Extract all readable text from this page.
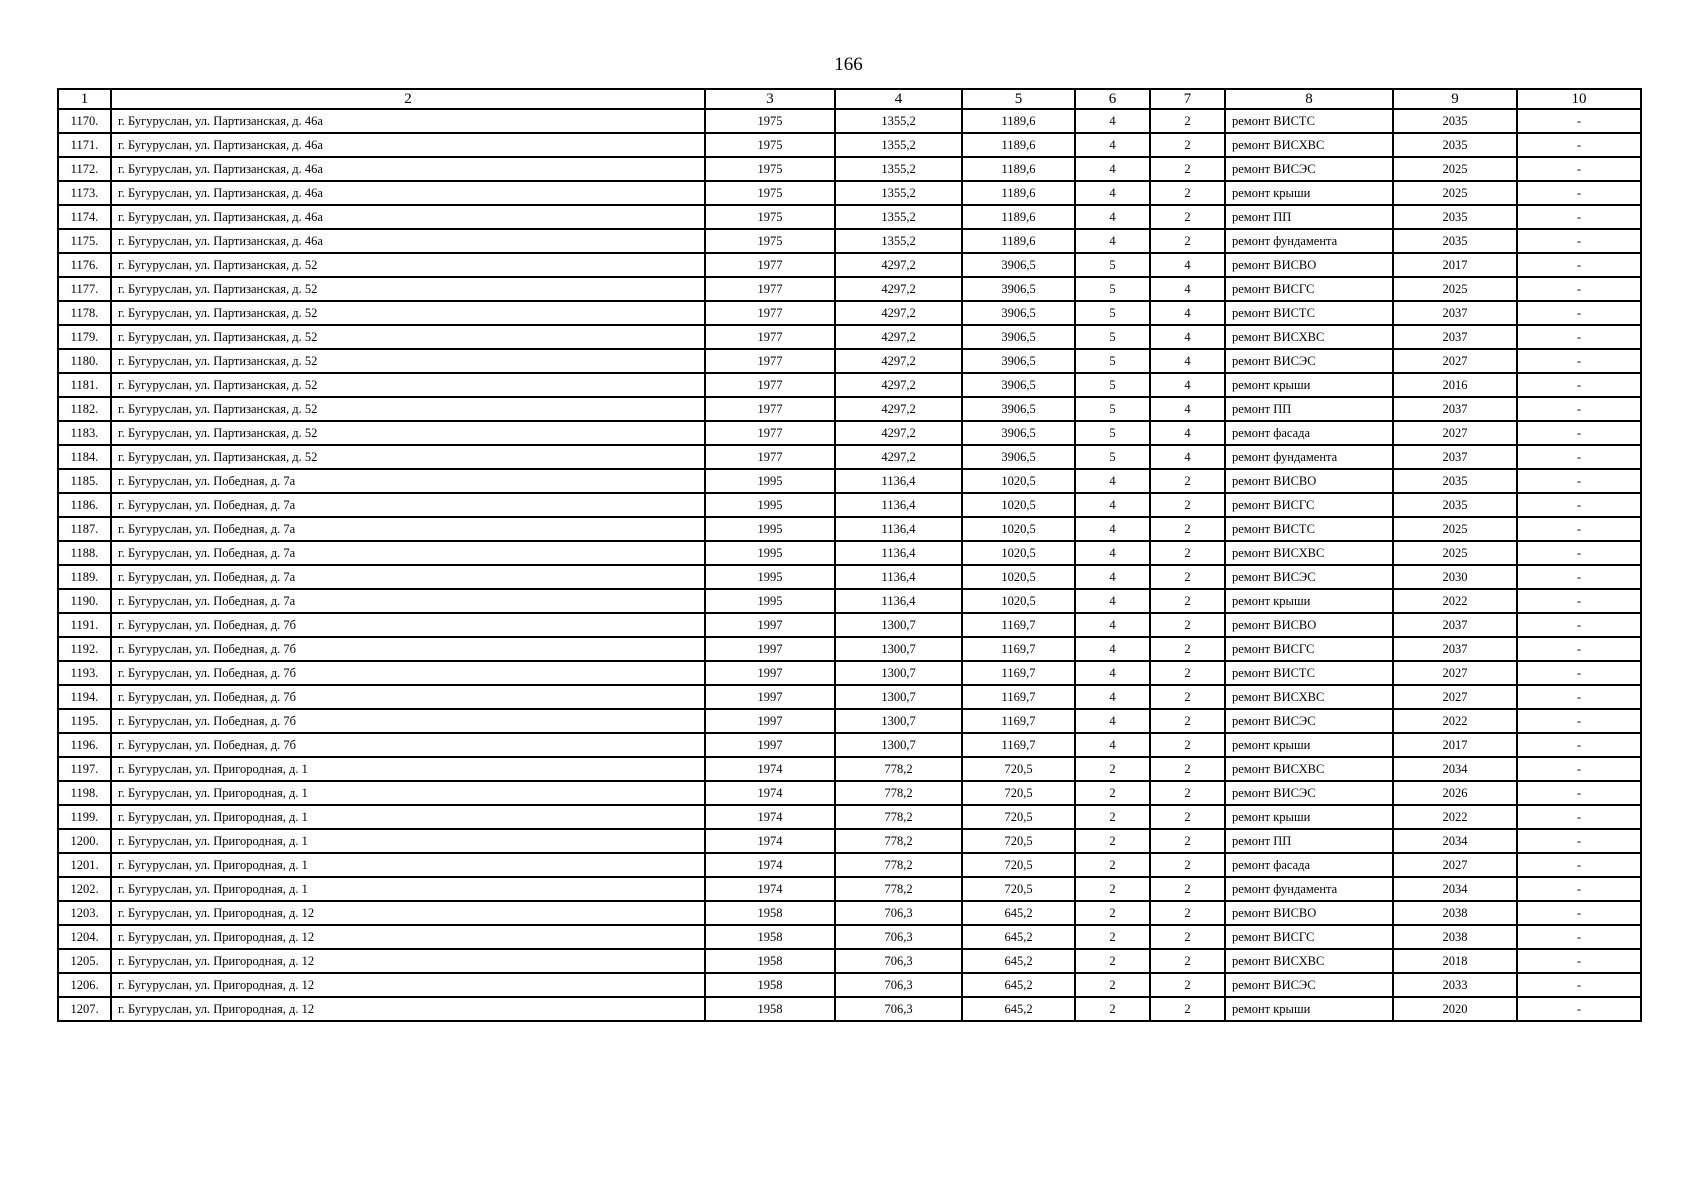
166
1	2	3	4	5	6	7	8	9	10
1170.	г. Бугуруслан, ул. Партизанская, д. 46а	1975	1355,2	1189,6	4	2	ремонт ВИСТС	2035	-
1171.	г. Бугуруслан, ул. Партизанская, д. 46а	1975	1355,2	1189,6	4	2	ремонт ВИСХВС	2035	-
1172.	г. Бугуруслан, ул. Партизанская, д. 46а	1975	1355,2	1189,6	4	2	ремонт ВИСЭС	2025	-
1173.	г. Бугуруслан, ул. Партизанская, д. 46а	1975	1355,2	1189,6	4	2	ремонт крыши	2025	-
1174.	г. Бугуруслан, ул. Партизанская, д. 46а	1975	1355,2	1189,6	4	2	ремонт ПП	2035	-
1175.	г. Бугуруслан, ул. Партизанская, д. 46а	1975	1355,2	1189,6	4	2	ремонт фундамента	2035	-
1176.	г. Бугуруслан, ул. Партизанская, д. 52	1977	4297,2	3906,5	5	4	ремонт ВИСВО	2017	-
1177.	г. Бугуруслан, ул. Партизанская, д. 52	1977	4297,2	3906,5	5	4	ремонт ВИСГС	2025	-
1178.	г. Бугуруслан, ул. Партизанская, д. 52	1977	4297,2	3906,5	5	4	ремонт ВИСТС	2037	-
1179.	г. Бугуруслан, ул. Партизанская, д. 52	1977	4297,2	3906,5	5	4	ремонт ВИСХВС	2037	-
1180.	г. Бугуруслан, ул. Партизанская, д. 52	1977	4297,2	3906,5	5	4	ремонт ВИСЭС	2027	-
1181.	г. Бугуруслан, ул. Партизанская, д. 52	1977	4297,2	3906,5	5	4	ремонт крыши	2016	-
1182.	г. Бугуруслан, ул. Партизанская, д. 52	1977	4297,2	3906,5	5	4	ремонт ПП	2037	-
1183.	г. Бугуруслан, ул. Партизанская, д. 52	1977	4297,2	3906,5	5	4	ремонт фасада	2027	-
1184.	г. Бугуруслан, ул. Партизанская, д. 52	1977	4297,2	3906,5	5	4	ремонт фундамента	2037	-
1185.	г. Бугуруслан, ул. Победная, д. 7а	1995	1136,4	1020,5	4	2	ремонт ВИСВО	2035	-
1186.	г. Бугуруслан, ул. Победная, д. 7а	1995	1136,4	1020,5	4	2	ремонт ВИСГС	2035	-
1187.	г. Бугуруслан, ул. Победная, д. 7а	1995	1136,4	1020,5	4	2	ремонт ВИСТС	2025	-
1188.	г. Бугуруслан, ул. Победная, д. 7а	1995	1136,4	1020,5	4	2	ремонт ВИСХВС	2025	-
1189.	г. Бугуруслан, ул. Победная, д. 7а	1995	1136,4	1020,5	4	2	ремонт ВИСЭС	2030	-
1190.	г. Бугуруслан, ул. Победная, д. 7а	1995	1136,4	1020,5	4	2	ремонт крыши	2022	-
1191.	г. Бугуруслан, ул. Победная, д. 7б	1997	1300,7	1169,7	4	2	ремонт ВИСВО	2037	-
1192.	г. Бугуруслан, ул. Победная, д. 7б	1997	1300,7	1169,7	4	2	ремонт ВИСГС	2037	-
1193.	г. Бугуруслан, ул. Победная, д. 7б	1997	1300,7	1169,7	4	2	ремонт ВИСТС	2027	-
1194.	г. Бугуруслан, ул. Победная, д. 7б	1997	1300,7	1169,7	4	2	ремонт ВИСХВС	2027	-
1195.	г. Бугуруслан, ул. Победная, д. 7б	1997	1300,7	1169,7	4	2	ремонт ВИСЭС	2022	-
1196.	г. Бугуруслан, ул. Победная, д. 7б	1997	1300,7	1169,7	4	2	ремонт крыши	2017	-
1197.	г. Бугуруслан, ул. Пригородная, д. 1	1974	778,2	720,5	2	2	ремонт ВИСХВС	2034	-
1198.	г. Бугуруслан, ул. Пригородная, д. 1	1974	778,2	720,5	2	2	ремонт ВИСЭС	2026	-
1199.	г. Бугуруслан, ул. Пригородная, д. 1	1974	778,2	720,5	2	2	ремонт крыши	2022	-
1200.	г. Бугуруслан, ул. Пригородная, д. 1	1974	778,2	720,5	2	2	ремонт ПП	2034	-
1201.	г. Бугуруслан, ул. Пригородная, д. 1	1974	778,2	720,5	2	2	ремонт фасада	2027	-
1202.	г. Бугуруслан, ул. Пригородная, д. 1	1974	778,2	720,5	2	2	ремонт фундамента	2034	-
1203.	г. Бугуруслан, ул. Пригородная, д. 12	1958	706,3	645,2	2	2	ремонт ВИСВО	2038	-
1204.	г. Бугуруслан, ул. Пригородная, д. 12	1958	706,3	645,2	2	2	ремонт ВИСГС	2038	-
1205.	г. Бугуруслан, ул. Пригородная, д. 12	1958	706,3	645,2	2	2	ремонт ВИСХВС	2018	-
1206.	г. Бугуруслан, ул. Пригородная, д. 12	1958	706,3	645,2	2	2	ремонт ВИСЭС	2033	-
1207.	г. Бугуруслан, ул. Пригородная, д. 12	1958	706,3	645,2	2	2	ремонт крыши	2020	-
